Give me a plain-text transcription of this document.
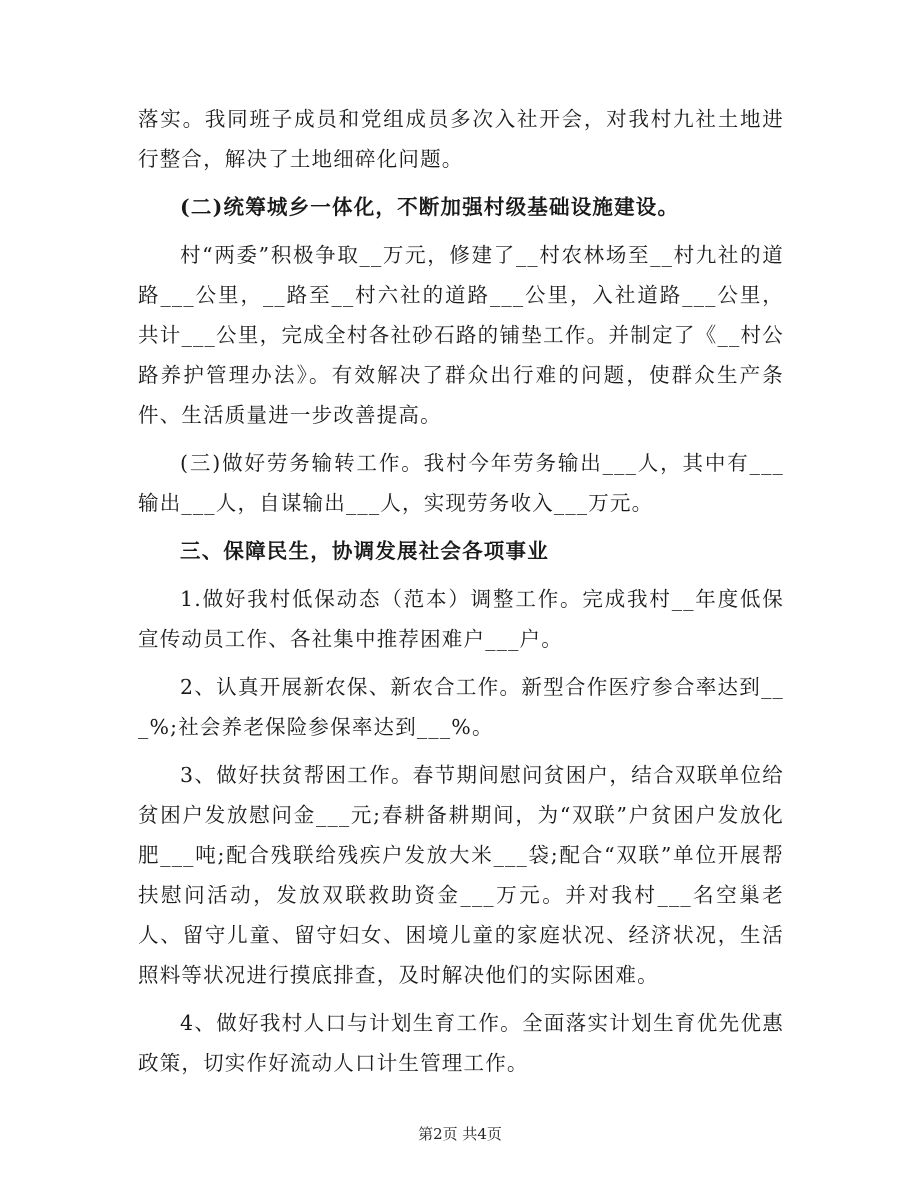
落实。我同班子成员和党组成员多次入社开会，对我村九社土地进行整合，解决了土地细碎化问题。

(二)统筹城乡一体化，不断加强村级基础设施建设。

村“两委”积极争取__万元，修建了__村农林场至__村九社的道路___公里，__路至__村六社的道路___公里，入社道路___公里，共计___公里，完成全村各社砂石路的铺垫工作。并制定了《__村公路养护管理办法》。有效解决了群众出行难的问题，使群众生产条件、生活质量进一步改善提高。

(三)做好劳务输转工作。我村今年劳务输出___人，其中有___输出___人，自谋输出___人，实现劳务收入___万元。

三、保障民生，协调发展社会各项事业

1.做好我村低保动态（范本）调整工作。完成我村__年度低保宣传动员工作、各社集中推荐困难户___户。

2、认真开展新农保、新农合工作。新型合作医疗参合率达到___%;社会养老保险参保率达到___%。

3、做好扶贫帮困工作。春节期间慰问贫困户，结合双联单位给贫困户发放慰问金___元;春耕备耕期间，为“双联”户贫困户发放化肥___吨;配合残联给残疾户发放大米___袋;配合“双联”单位开展帮扶慰问活动，发放双联救助资金___万元。并对我村___名空巢老人、留守儿童、留守妇女、困境儿童的家庭状况、经济状况，生活照料等状况进行摸底排查，及时解决他们的实际困难。

4、做好我村人口与计划生育工作。全面落实计划生育优先优惠政策，切实作好流动人口计生管理工作。

第2页 共4页
